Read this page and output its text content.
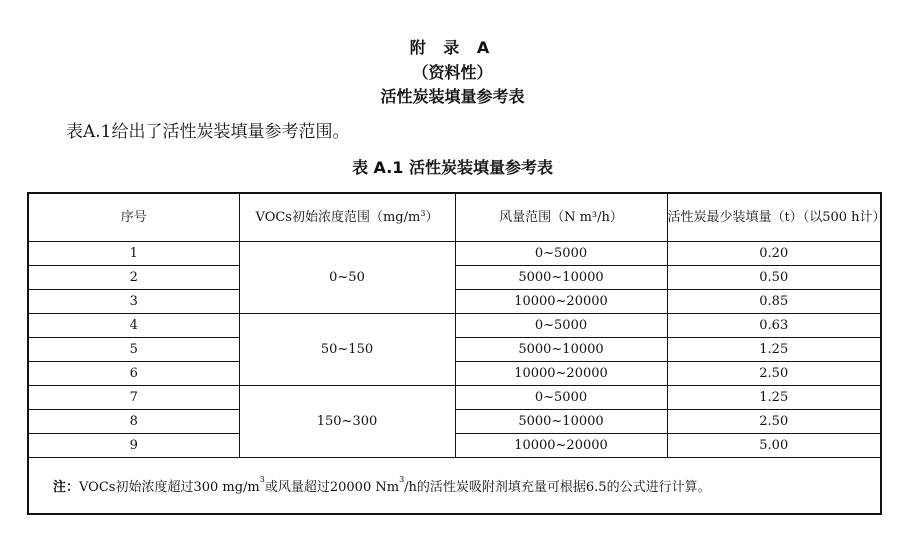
附 录 A
（资料性）
活性炭装填量参考表
表A.1给出了活性炭装填量参考范围。
表 A.1 活性炭装填量参考表
序号	VOCs初始浓度范围$(mg/m^3)$	风量范围（N m³/h）	活性炭最少装填量（t）（以500 h计）
1	0~50	0~5000	0.20
2		5000~10000	0.50
3		10000~20000	0.85
4	50~150	0~5000	0.63
5		5000~10000	1.25
6		10000~20000	2.50
7	150~300	0~5000	1.25
8		5000~10000	2.50
9		10000~20000	5.00
注：VOCs初始浓度超过300 $mg/m^3$或风量超过20000 Nm$^3$/h的活性炭吸附剂填充量可根据6.5的公式进行计算。			
